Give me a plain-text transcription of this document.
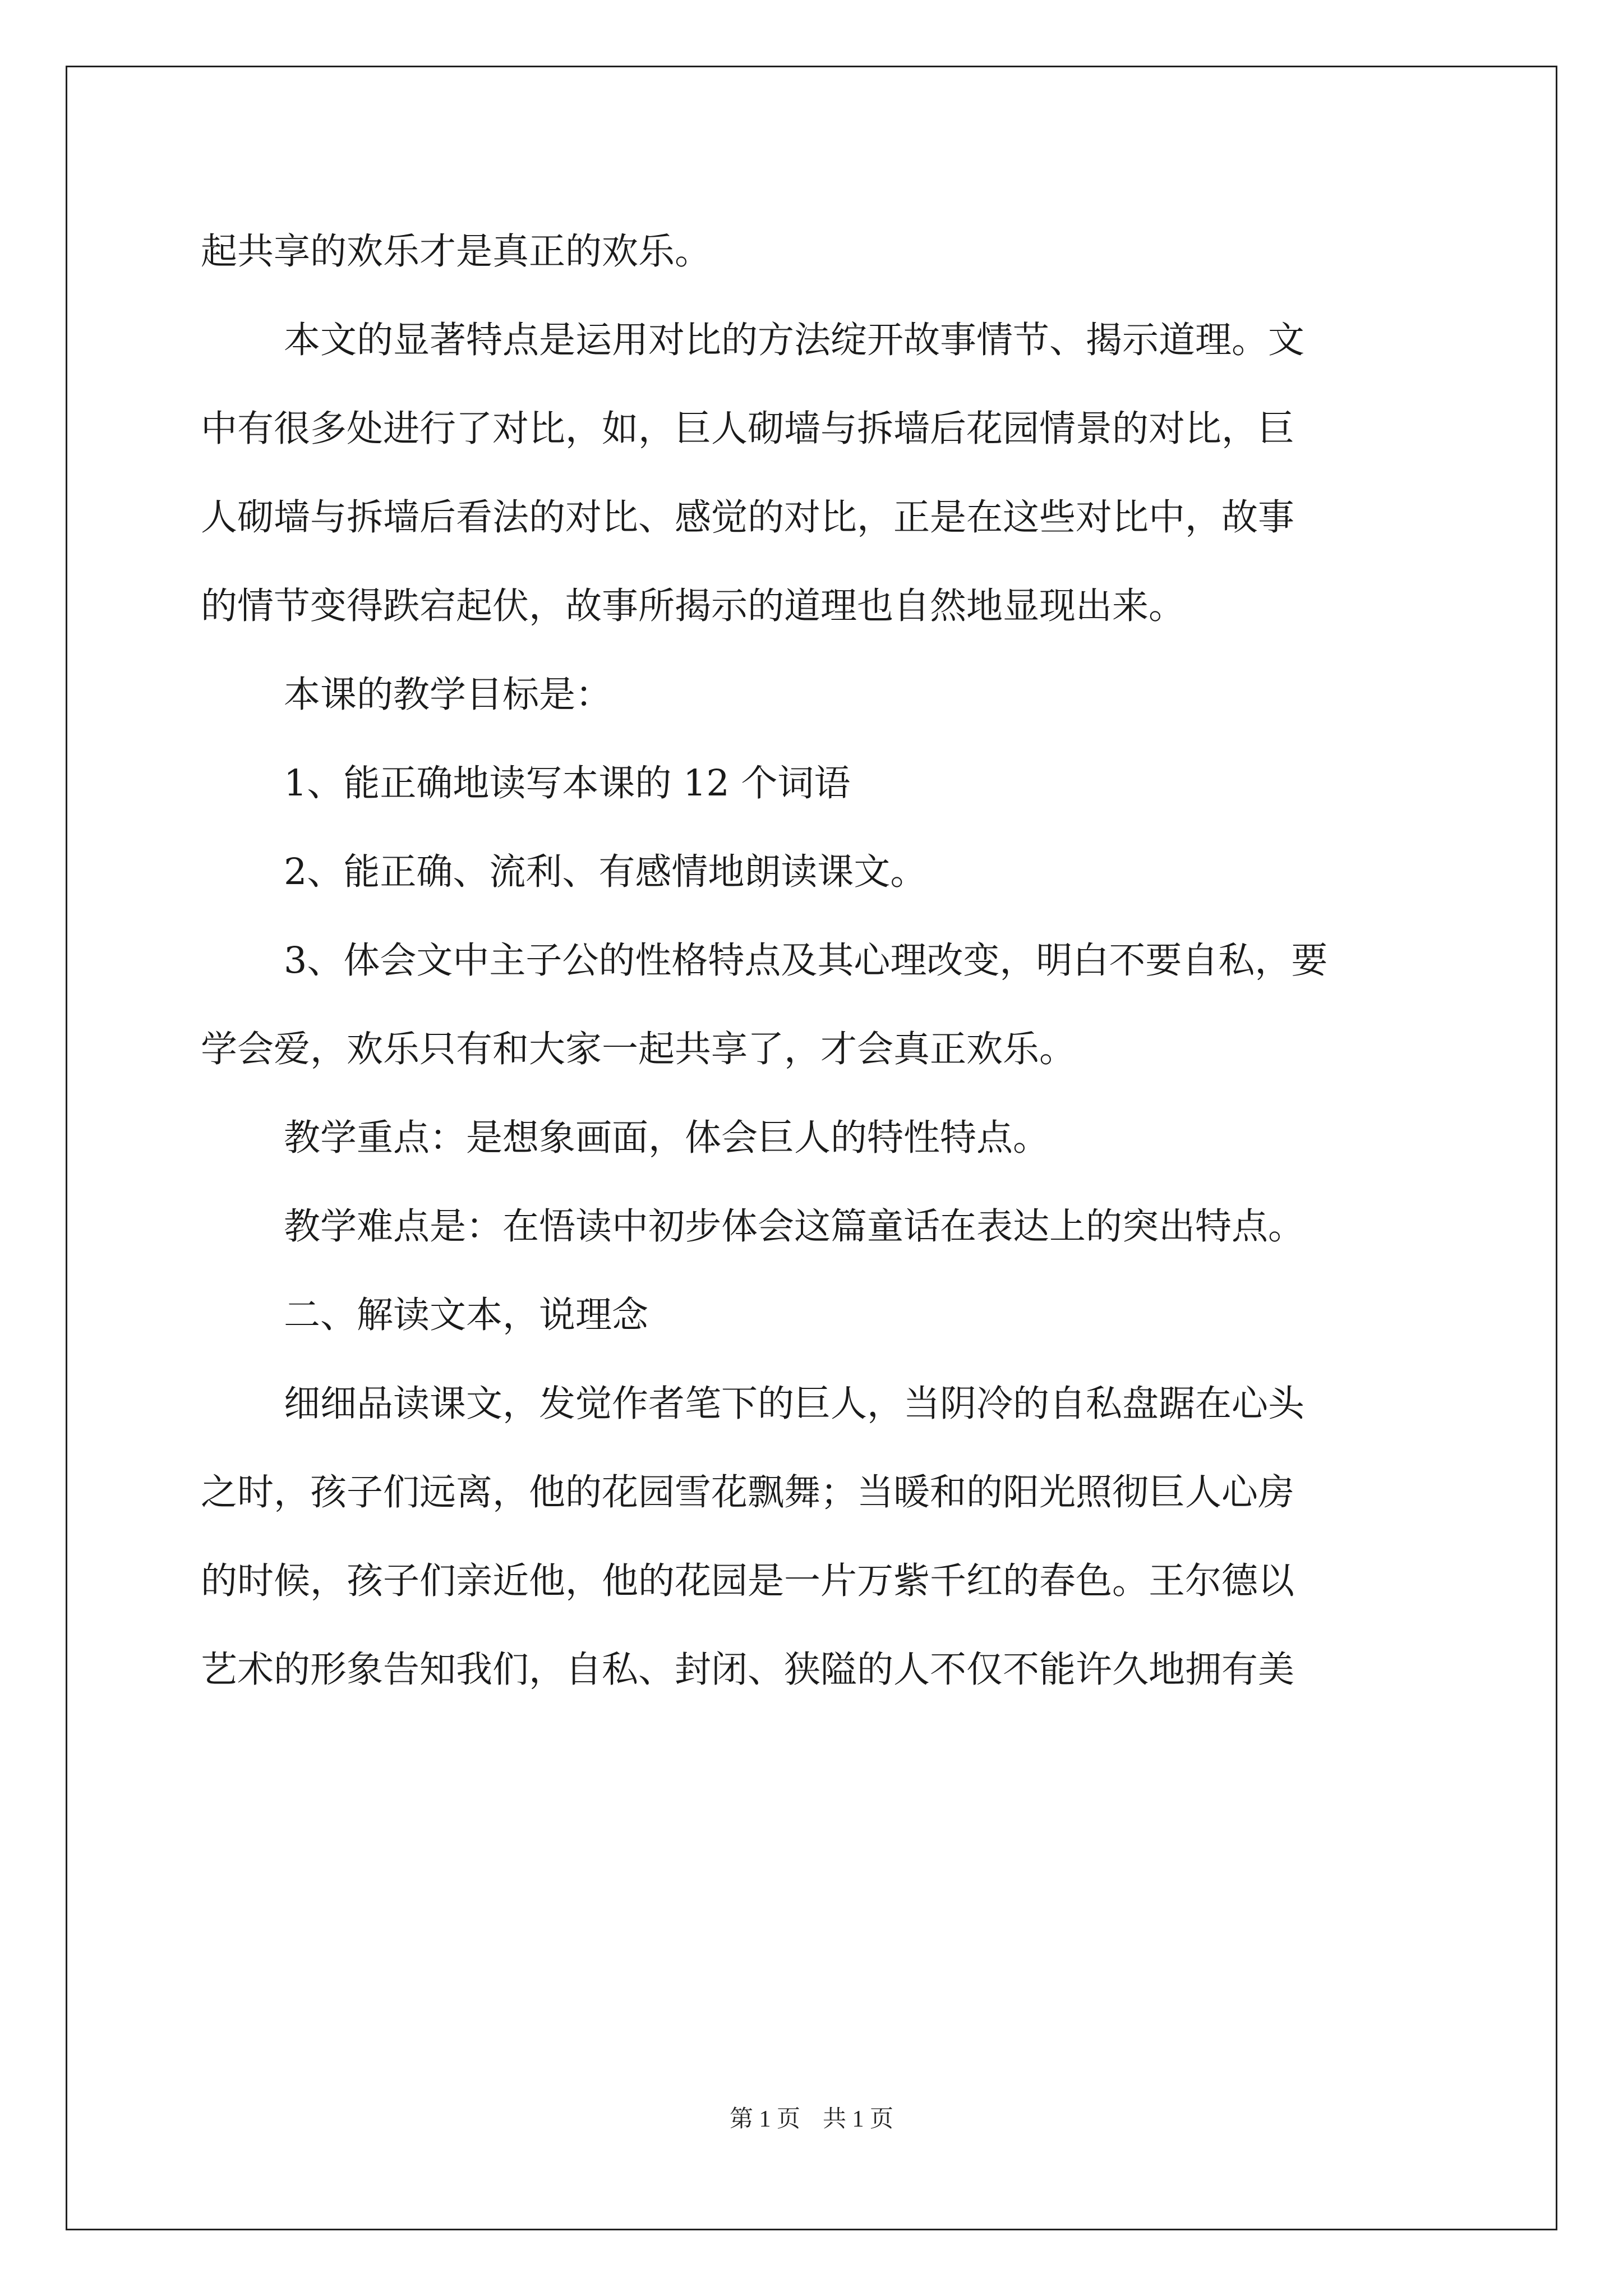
起共享的欢乐才是真正的欢乐。

本文的显著特点是运用对比的方法绽开故事情节、揭示道理。文

中有很多处进行了对比，如，巨人砌墙与拆墙后花园情景的对比，巨

人砌墙与拆墙后看法的对比、感觉的对比，正是在这些对比中，故事

的情节变得跌宕起伏，故事所揭示的道理也自然地显现出来。

本课的教学目标是：

1、能正确地读写本课的 12 个词语

2、能正确、流利、有感情地朗读课文。

3、体会文中主子公的性格特点及其心理改变，明白不要自私，要

学会爱，欢乐只有和大家一起共享了，才会真正欢乐。

教学重点：是想象画面，体会巨人的特性特点。

教学难点是：在悟读中初步体会这篇童话在表达上的突出特点。

二、解读文本，说理念

细细品读课文，发觉作者笔下的巨人，当阴冷的自私盘踞在心头

之时，孩子们远离，他的花园雪花飘舞；当暖和的阳光照彻巨人心房

的时候，孩子们亲近他，他的花园是一片万紫千红的春色。王尔德以

艺术的形象告知我们，自私、封闭、狭隘的人不仅不能许久地拥有美

第 1 页 共 1 页
